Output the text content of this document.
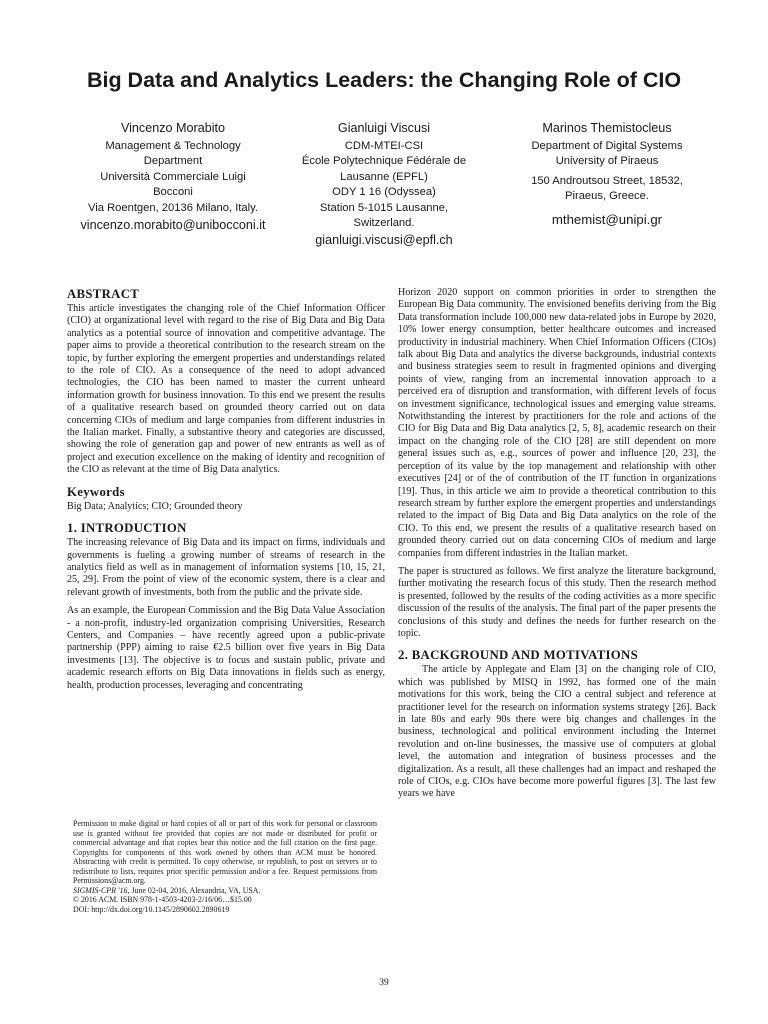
Big Data and Analytics Leaders: the Changing Role of CIO
Vincenzo Morabito
Management & Technology
Department
Università Commerciale Luigi
Bocconi
Via Roentgen, 20136 Milano, Italy.
vincenzo.morabito@unibocconi.it
Gianluigi Viscusi
CDM-MTEI-CSI
École Polytechnique Fédérale de
Lausanne (EPFL)
ODY 1 16 (Odyssea)
Station 5-1015 Lausanne,
Switzerland.
gianluigi.viscusi@epfl.ch
Marinos Themistocleus
Department of Digital Systems
University of Piraeus
150 Androutsou Street, 18532,
Piraeus, Greece.
mthemist@unipi.gr
ABSTRACT

This article investigates the changing role of the Chief Information Officer (CIO) at organizational level with regard to the rise of Big Data and Big Data analytics as a potential source of innovation and competitive advantage. The paper aims to provide a theoretical contribution to the research stream on the topic, by further exploring the emergent properties and understandings related to the role of CIO. As a consequence of the need to adopt advanced technologies, the CIO has been named to master the current unheard information growth for business innovation. To this end we present the results of a qualitative research based on grounded theory carried out on data concerning CIOs of medium and large companies from different industries in the Italian market. Finally, a substantive theory and categories are discussed, showing the role of generation gap and power of new entrants as well as of project and execution excellence on the making of identity and recognition of the CIO as relevant at the time of Big Data analytics.

Keywords

Big Data; Analytics; CIO; Grounded theory

1. INTRODUCTION

The increasing relevance of Big Data and its impact on firms, individuals and governments is fueling a growing number of streams of research in the analytics field as well as in management of information systems [10, 15, 21, 25, 29]. From the point of view of the economic system, there is a clear and relevant growth of investments, both from the public and the private side.

As an example, the European Commission and the Big Data Value Association - a non-profit, industry-led organization comprising Universities, Research Centers, and Companies – have recently agreed upon a public-private partnership (PPP) aiming to raise €2.5 billion over five years in Big Data investments [13]. The objective is to focus and sustain public, private and academic research efforts on Big Data innovations in fields such as energy, health, production processes, leveraging and concentrating

Permission to make digital or hard copies of all or part of this work for personal or classroom use is granted without fee provided that copies are not made or distributed for profit or commercial advantage and that copies bear this notice and the full citation on the first page. Copyrights for components of this work owned by others than ACM must be honored. Abstracting with credit is permitted. To copy otherwise, or republish, to post on servers or to redistribute to lists, requires prior specific permission and/or a fee. Request permissions from Permissions@acm.org.

SIGMIS-CPR '16, June 02-04, 2016, Alexandria, VA, USA.

© 2016 ACM. ISBN 978-1-4503-4203-2/16/06…$15.00

DOI: http://dx.doi.org/10.1145/2890602.2890619

Horizon 2020 support on common priorities in order to strengthen the European Big Data community. The envisioned benefits deriving from the Big Data transformation include 100,000 new data-related jobs in Europe by 2020, 10% lower energy consumption, better healthcare outcomes and increased productivity in industrial machinery. When Chief Information Officers (CIOs) talk about Big Data and analytics the diverse backgrounds, industrial contexts and business strategies seem to result in fragmented opinions and diverging points of view, ranging from an incremental innovation approach to a perceived era of disruption and transformation, with different levels of focus on investment significance, technological issues and emerging value streams. Notwithstanding the interest by practitioners for the role and actions of the CIO for Big Data and Big Data analytics [2, 5, 8], academic research on their impact on the changing role of the CIO [28] are still dependent on more general issues such as, e.g., sources of power and influence [20, 23], the perception of its value by the top management and relationship with other executives [24] or of the of contribution of the IT function in organizations [19]. Thus, in this article we aim to provide a theoretical contribution to this research stream by further explore the emergent properties and understandings related to the impact of Big Data and Big Data analytics on the role of the CIO. To this end, we present the results of a qualitative research based on grounded theory carried out on data concerning CIOs of medium and large companies from different industries in the Italian market.

The paper is structured as follows. We first analyze the literature background, further motivating the research focus of this study. Then the research method is presented, followed by the results of the coding activities as a more specific discussion of the results of the analysis. The final part of the paper presents the conclusions of this study and defines the needs for further research on the topic.

2. BACKGROUND AND MOTIVATIONS

The article by Applegate and Elam [3] on the changing role of CIO, which was published by MISQ in 1992, has formed one of the main motivations for this work, being the CIO a central subject and reference at practitioner level for the research on information systems strategy [26]. Back in late 80s and early 90s there were big changes and challenges in the business, technological and political environment including the Internet revolution and on-line businesses, the massive use of computers at global level, the automation and integration of business processes and the digitalization. As a result, all these challenges had an impact and reshaped the role of CIOs, e.g. CIOs have become more powerful figures [3]. The last few years we have

39
